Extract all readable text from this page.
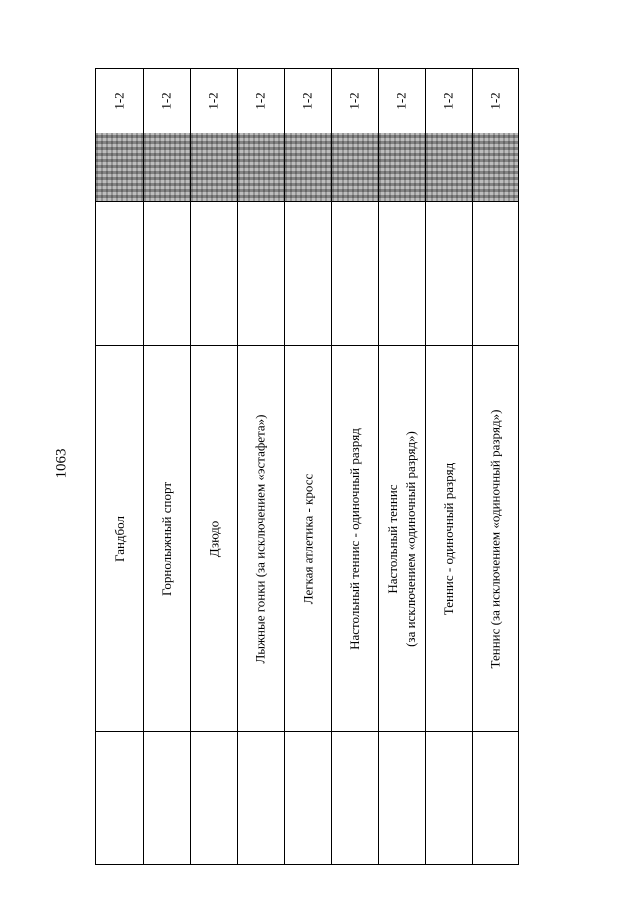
1063
1-2
Гандбол
1-2
Горнолыжный спорт
1-2
Дзюдо
1-2
Лыжные гонки (за исключением «эстафета»)
1-2
Легкая атлетика - кросс
1-2
Настольный теннис - одиночный разряд
1-2
Настольный теннис (за исключением «одиночный разряд»)
1-2
Теннис - одиночный разряд
1-2
Теннис (за исключением «одиночный разряд»)
